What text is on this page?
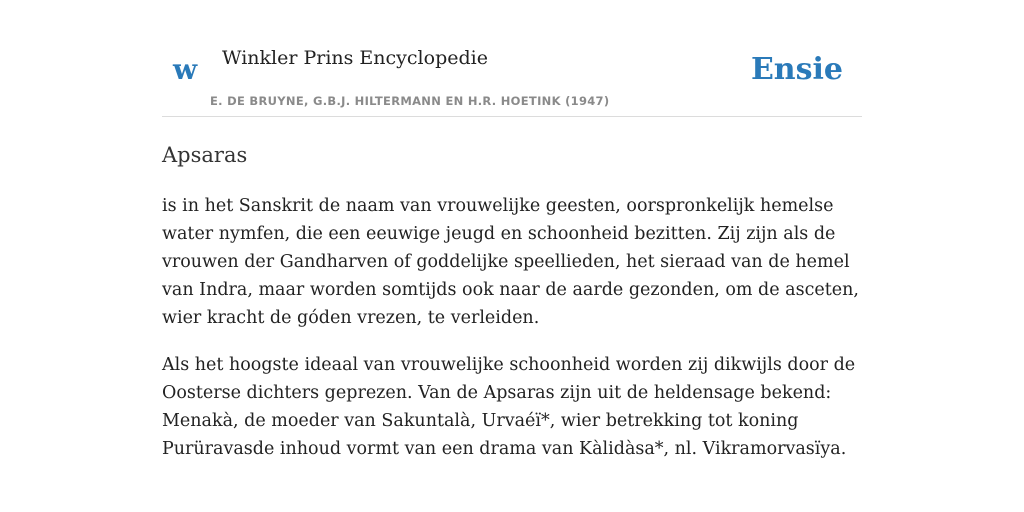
w Winkler Prins Encyclopedie
E. DE BRUYNE, G.B.J. HILTERMANN EN H.R. HOETINK (1947)
Ensie
Apsaras

is in het Sanskrit de naam van vrouwelijke geesten, oorspronkelijk hemelse water nymfen, die een eeuwige jeugd en schoonheid bezitten. Zij zijn als de vrouwen der Gandharven of goddelijke speellieden, het sieraad van de hemel van Indra, maar worden somtijds ook naar de aarde gezonden, om de asceten, wier kracht de góden vrezen, te verleiden.

Als het hoogste ideaal van vrouwelijke schoonheid worden zij dikwijls door de Oosterse dichters geprezen. Van de Apsaras zijn uit de heldensage bekend: Menakà, de moeder van Sakuntalà, Urvaéï*, wier betrekking tot koning Purüravasde inhoud vormt van een drama van Kàlidàsa*, nl. Vikramorvasïya.
